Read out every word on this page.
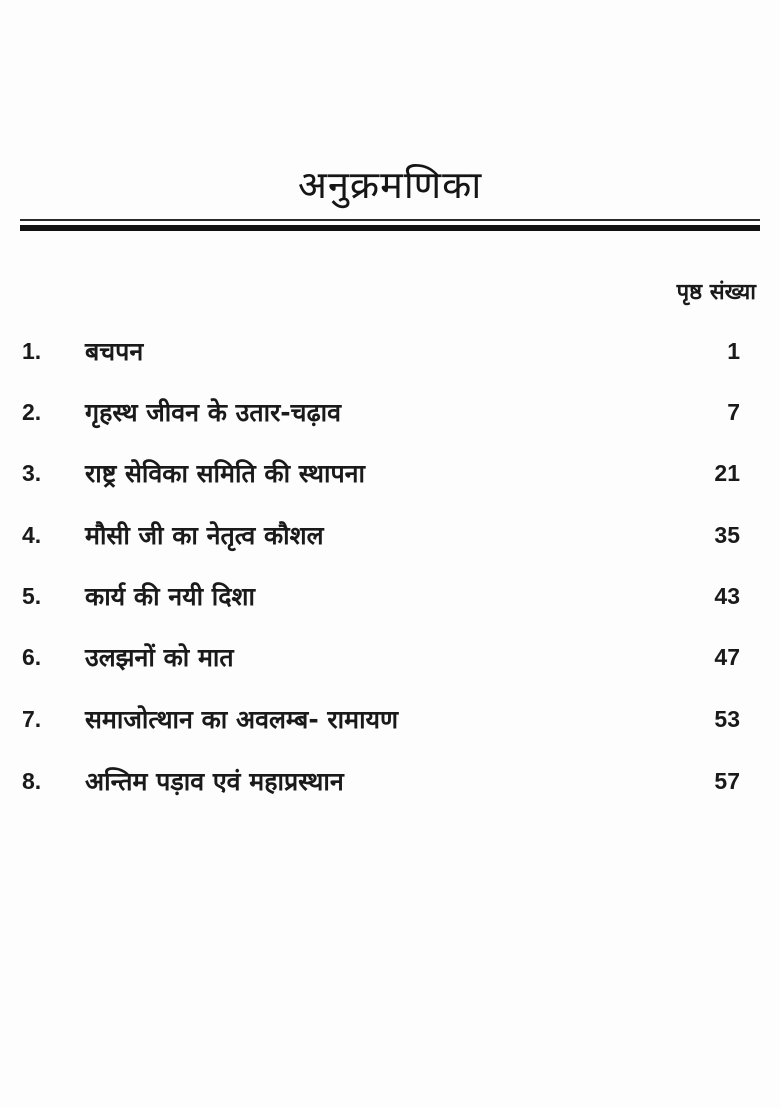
अनुक्रमणिका
पृष्ठ संख्या
1. बचपन	1
2. गृहस्थ जीवन के उतार-चढ़ाव	7
3. राष्ट्र सेविका समिति की स्थापना	21
4. मौसी जी का नेतृत्व कौशल	35
5. कार्य की नयी दिशा	43
6. उलझनों को मात	47
7. समाजोत्थान का अवलम्ब- रामायण	53
8. अन्तिम पड़ाव एवं महाप्रस्थान	57
